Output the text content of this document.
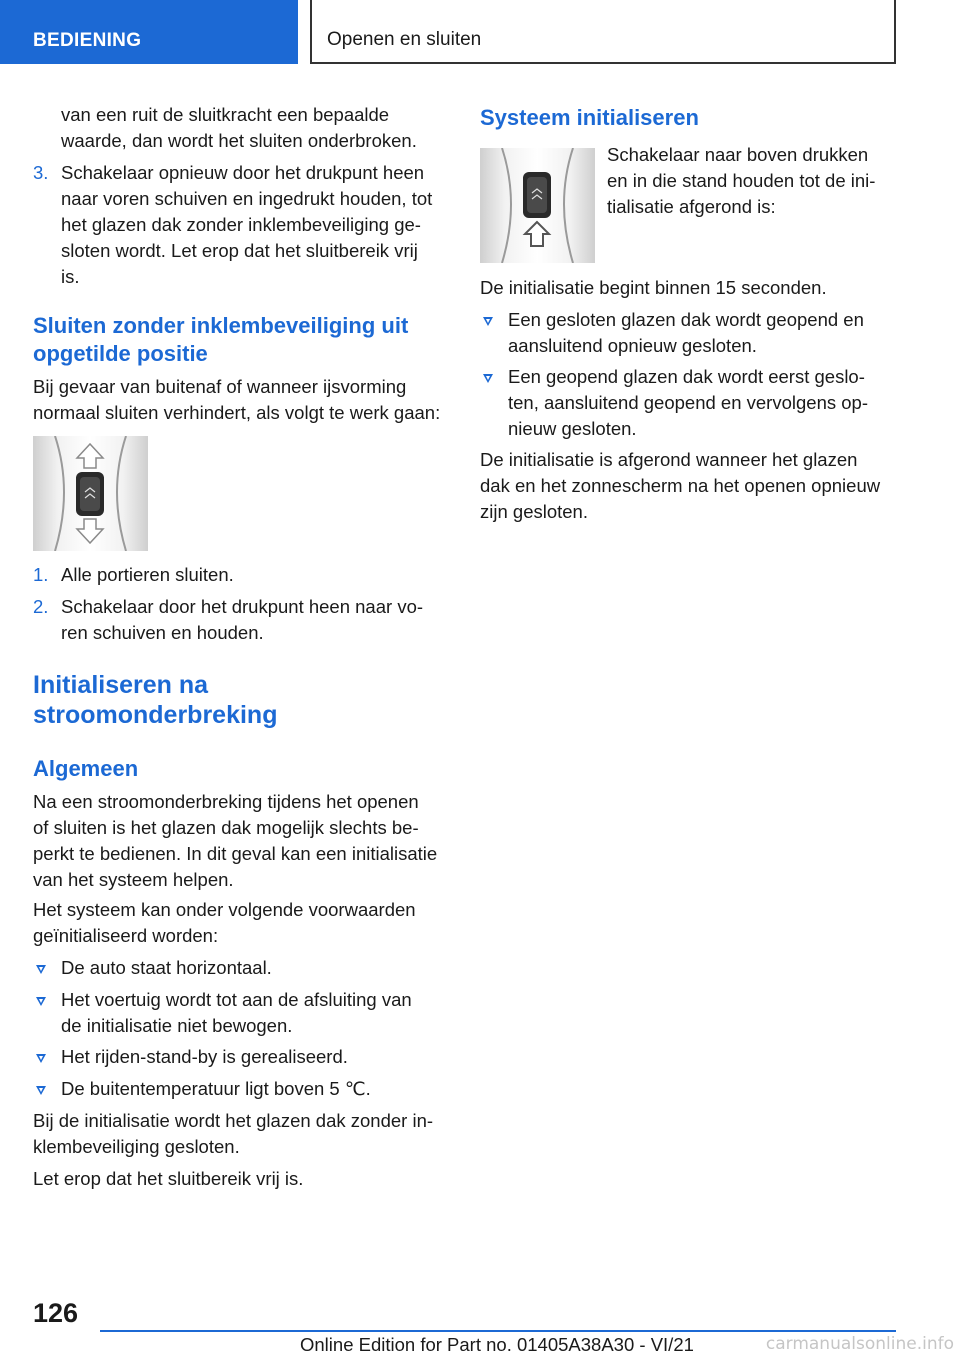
BEDIENING	Openen en sluiten
van een ruit de sluitkracht een bepaalde
waarde, dan wordt het sluiten onderbroken.
3. Schakelaar opnieuw door het drukpunt heen
naar voren schuiven en ingedrukt houden, tot
het glazen dak zonder inklembeveiliging ge-
sloten wordt. Let erop dat het sluitbereik vrij
is.
Sluiten zonder inklembeveiliging uit
opgetilde positie
Bij gevaar van buitenaf of wanneer ijsvorming
normaal sluiten verhindert, als volgt te werk gaan:
1. Alle portieren sluiten.
2. Schakelaar door het drukpunt heen naar vo-
ren schuiven en houden.
Initialiseren na
stroomonderbreking
Algemeen
Na een stroomonderbreking tijdens het openen
of sluiten is het glazen dak mogelijk slechts be-
perkt te bedienen. In dit geval kan een initialisatie
van het systeem helpen.
Het systeem kan onder volgende voorwaarden
geïnitialiseerd worden:
De auto staat horizontaal.
Het voertuig wordt tot aan de afsluiting van
de initialisatie niet bewogen.
Het rijden-stand-by is gerealiseerd.
De buitentemperatuur ligt boven 5 ℃.
Bij de initialisatie wordt het glazen dak zonder in-
klembeveiliging gesloten.
Let erop dat het sluitbereik vrij is.
Systeem initialiseren
Schakelaar naar boven drukken
en in die stand houden tot de ini-
tialisatie afgerond is:
De initialisatie begint binnen 15 seconden.
Een gesloten glazen dak wordt geopend en
aansluitend opnieuw gesloten.
Een geopend glazen dak wordt eerst geslo-
ten, aansluitend geopend en vervolgens op-
nieuw gesloten.
De initialisatie is afgerond wanneer het glazen
dak en het zonnescherm na het openen opnieuw
zijn gesloten.
126
Online Edition for Part no. 01405A38A30 - VI/21	carmanualsonline.info
